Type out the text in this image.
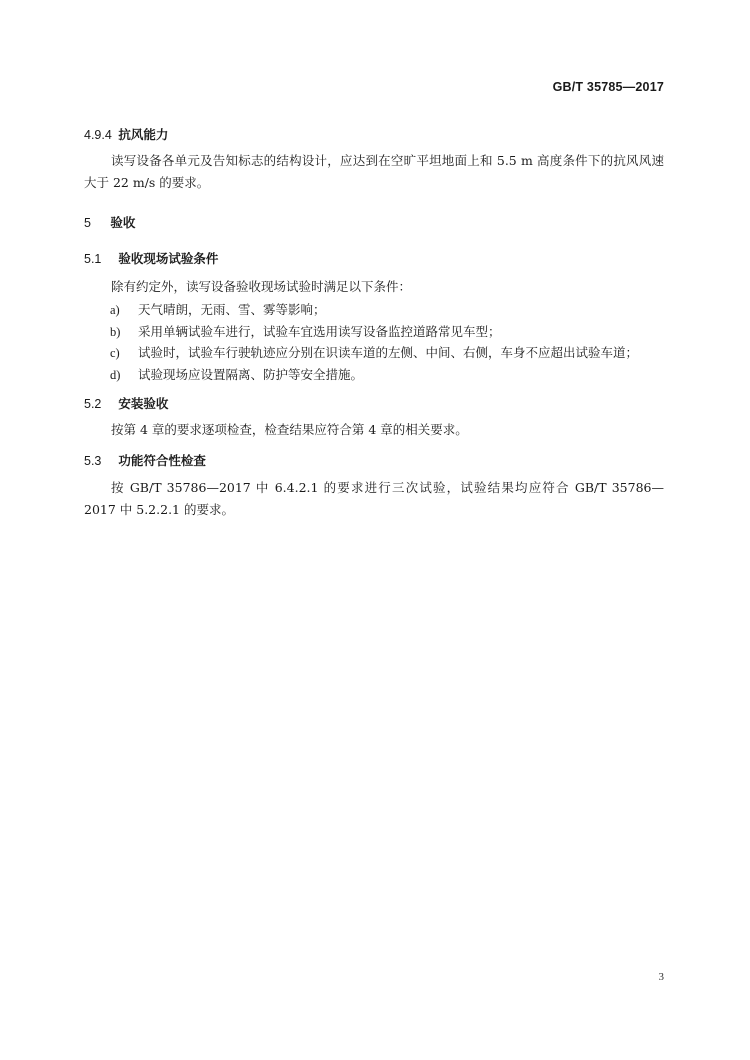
GB/T 35785—2017
4.9.4 抗风能力
读写设备各单元及告知标志的结构设计，应达到在空旷平坦地面上和 5.5 m 高度条件下的抗风风速大于 22 m/s 的要求。
5 验收
5.1 验收现场试验条件
除有约定外，读写设备验收现场试验时满足以下条件：
a) 天气晴朗，无雨、雪、雾等影响；
b) 采用单辆试验车进行，试验车宜选用读写设备监控道路常见车型；
c) 试验时，试验车行驶轨迹应分别在识读车道的左侧、中间、右侧，车身不应超出试验车道；
d) 试验现场应设置隔离、防护等安全措施。
5.2 安装验收
按第 4 章的要求逐项检查，检查结果应符合第 4 章的相关要求。
5.3 功能符合性检查
按 GB/T 35786—2017 中 6.4.2.1 的要求进行三次试验，试验结果均应符合 GB/T 35786—2017 中 5.2.2.1 的要求。
3
